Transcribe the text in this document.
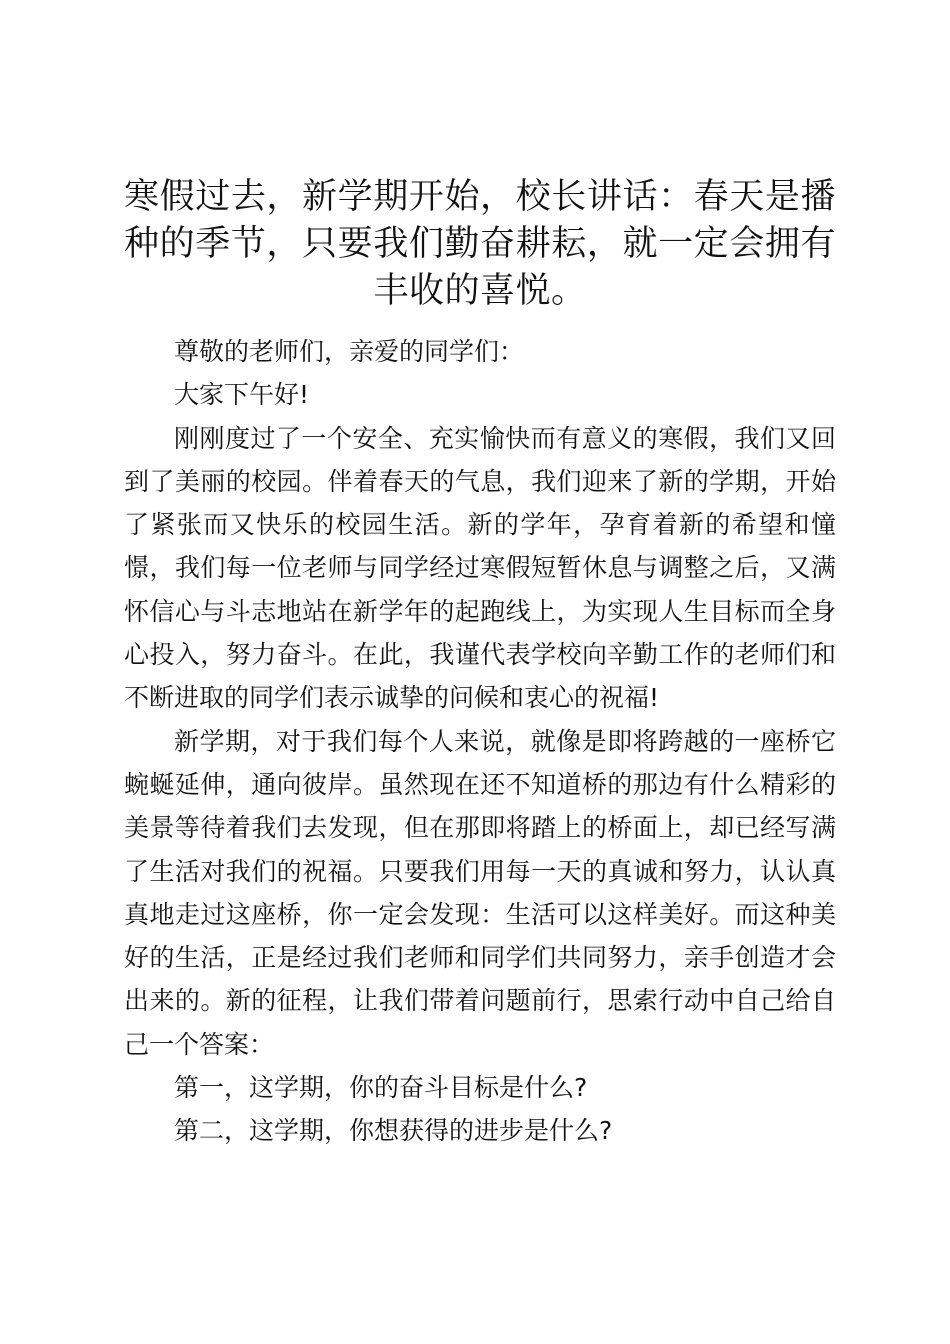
寒假过去，新学期开始，校长讲话：春天是播种的季节，只要我们勤奋耕耘，就一定会拥有丰收的喜悦。

尊敬的老师们，亲爱的同学们：

大家下午好!

刚刚度过了一个安全、充实愉快而有意义的寒假，我们又回到了美丽的校园。伴着春天的气息，我们迎来了新的学期，开始了紧张而又快乐的校园生活。新的学年，孕育着新的希望和憧憬，我们每一位老师与同学经过寒假短暂休息与调整之后，又满怀信心与斗志地站在新学年的起跑线上，为实现人生目标而全身心投入，努力奋斗。在此，我谨代表学校向辛勤工作的老师们和不断进取的同学们表示诚挚的问候和衷心的祝福!

新学期，对于我们每个人来说，就像是即将跨越的一座桥它蜿蜒延伸，通向彼岸。虽然现在还不知道桥的那边有什么精彩的美景等待着我们去发现，但在那即将踏上的桥面上，却已经写满了生活对我们的祝福。只要我们用每一天的真诚和努力，认认真真地走过这座桥，你一定会发现：生活可以这样美好。而这种美好的生活，正是经过我们老师和同学们共同努力，亲手创造才会出来的。新的征程，让我们带着问题前行，思索行动中自己给自己一个答案：

第一，这学期，你的奋斗目标是什么?

第二，这学期，你想获得的进步是什么?
